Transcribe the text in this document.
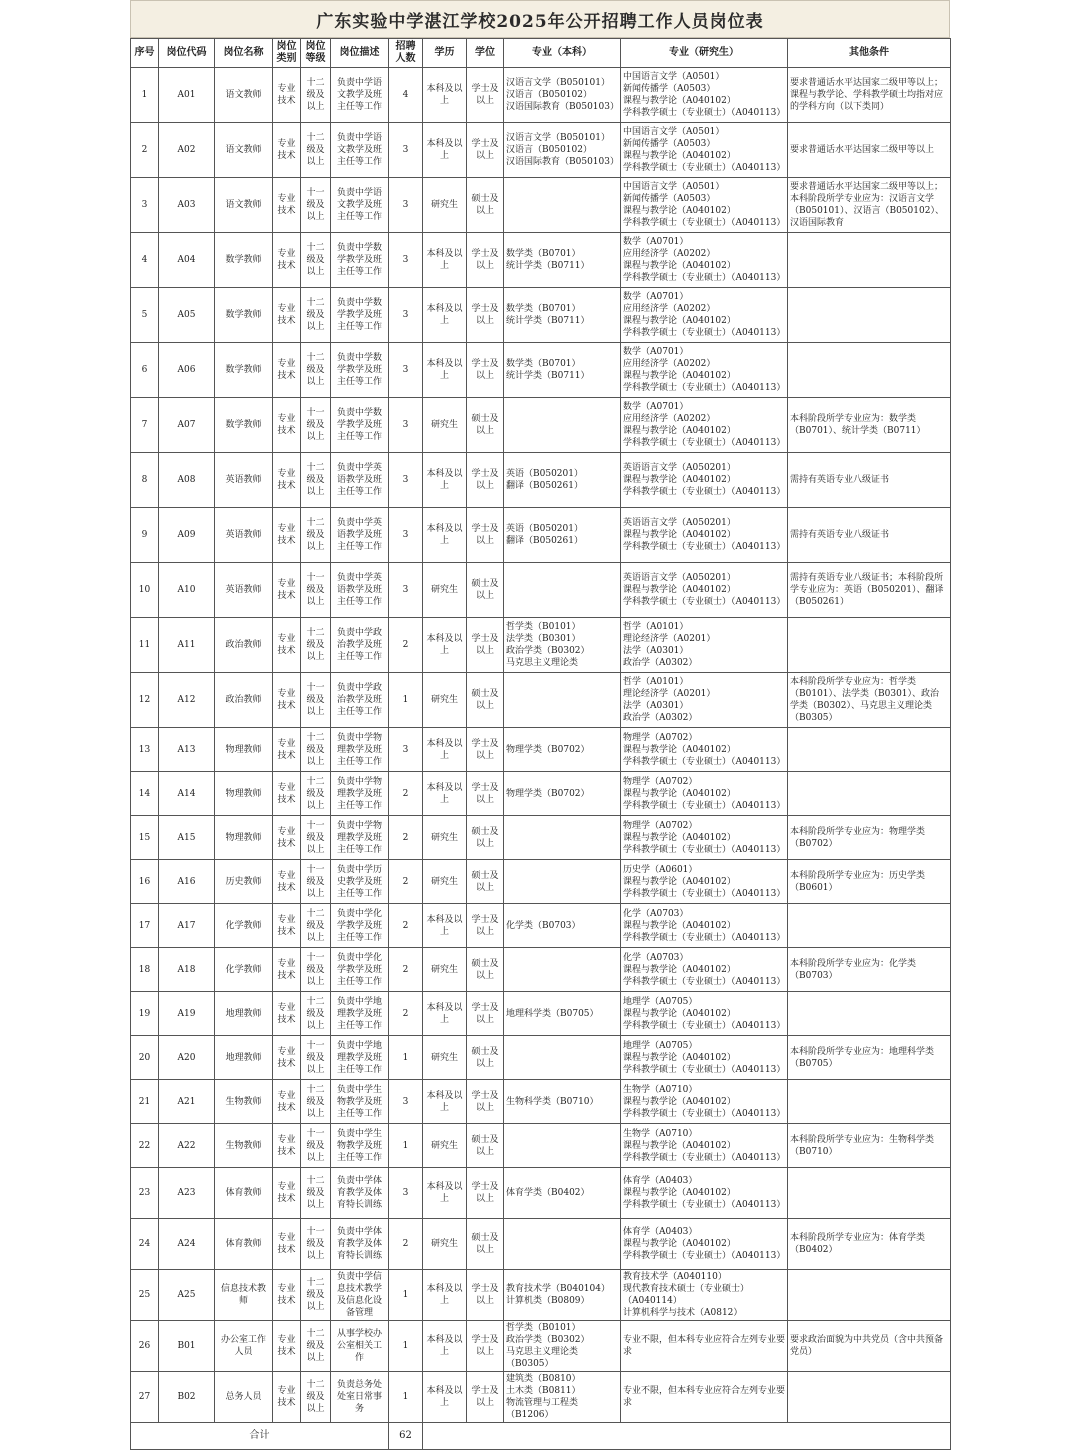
广东实验中学湛江学校2025年公开招聘工作人员岗位表
序号	岗位代码	岗位名称	岗位类别	岗位等级	岗位描述	招聘人数	学历	学位	专业（本科）	专业（研究生）	其他条件
1	A01	语文教师	专业技术	十二级及以上	负责中学语文教学及班主任等工作	4	本科及以上	学士及以上	汉语言文学（B050101）
汉语言（B050102）
汉语国际教育（B050103）	中国语言文学（A0501）
新闻传播学（A0503）
课程与教学论（A040102）
学科教学硕士（专业硕士）（A040113）	要求普通话水平达国家二级甲等以上；课程与教学论、学科教学硕士均指对应的学科方向（以下类同）
2	A02	语文教师	专业技术	十二级及以上	负责中学语文教学及班主任等工作	3	本科及以上	学士及以上	汉语言文学（B050101）
汉语言（B050102）
汉语国际教育（B050103）	中国语言文学（A0501）
新闻传播学（A0503）
课程与教学论（A040102）
学科教学硕士（专业硕士）（A040113）	要求普通话水平达国家二级甲等以上
3	A03	语文教师	专业技术	十一级及以上	负责中学语文教学及班主任等工作	3	研究生	硕士及以上		中国语言文学（A0501）
新闻传播学（A0503）
课程与教学论（A040102）
学科教学硕士（专业硕士）（A040113）	要求普通话水平达国家二级甲等以上；本科阶段所学专业应为：汉语言文学（B050101）、汉语言（B050102）、汉语国际教育
4	A04	数学教师	专业技术	十二级及以上	负责中学数学教学及班主任等工作	3	本科及以上	学士及以上	数学类（B0701）
统计学类（B0711）	数学（A0701）
应用经济学（A0202）
课程与教学论（A040102）
学科教学硕士（专业硕士）（A040113）	
5	A05	数学教师	专业技术	十二级及以上	负责中学数学教学及班主任等工作	3	本科及以上	学士及以上	数学类（B0701）
统计学类（B0711）	数学（A0701）
应用经济学（A0202）
课程与教学论（A040102）
学科教学硕士（专业硕士）（A040113）	
6	A06	数学教师	专业技术	十二级及以上	负责中学数学教学及班主任等工作	3	本科及以上	学士及以上	数学类（B0701）
统计学类（B0711）	数学（A0701）
应用经济学（A0202）
课程与教学论（A040102）
学科教学硕士（专业硕士）（A040113）	
7	A07	数学教师	专业技术	十一级及以上	负责中学数学教学及班主任等工作	3	研究生	硕士及以上		数学（A0701）
应用经济学（A0202）
课程与教学论（A040102）
学科教学硕士（专业硕士）（A040113）	本科阶段所学专业应为：数学类（B0701）、统计学类（B0711）
8	A08	英语教师	专业技术	十二级及以上	负责中学英语教学及班主任等工作	3	本科及以上	学士及以上	英语（B050201）
翻译（B050261）	英语语言文学（A050201）
课程与教学论（A040102）
学科教学硕士（专业硕士）（A040113）	需持有英语专业八级证书
9	A09	英语教师	专业技术	十二级及以上	负责中学英语教学及班主任等工作	3	本科及以上	学士及以上	英语（B050201）
翻译（B050261）	英语语言文学（A050201）
课程与教学论（A040102）
学科教学硕士（专业硕士）（A040113）	需持有英语专业八级证书
10	A10	英语教师	专业技术	十一级及以上	负责中学英语教学及班主任等工作	3	研究生	硕士及以上		英语语言文学（A050201）
课程与教学论（A040102）
学科教学硕士（专业硕士）（A040113）	需持有英语专业八级证书；本科阶段所学专业应为：英语（B050201）、翻译（B050261）
11	A11	政治教师	专业技术	十二级及以上	负责中学政治教学及班主任等工作	2	本科及以上	学士及以上	哲学类（B0101）
法学类（B0301）
政治学类（B0302）
马克思主义理论类	哲学（A0101）
理论经济学（A0201）
法学（A0301）
政治学（A0302）	
12	A12	政治教师	专业技术	十一级及以上	负责中学政治教学及班主任等工作	1	研究生	硕士及以上		哲学（A0101）
理论经济学（A0201）
法学（A0301）
政治学（A0302）	本科阶段所学专业应为：哲学类（B0101）、法学类（B0301）、政治学类（B0302）、马克思主义理论类（B0305）
13	A13	物理教师	专业技术	十二级及以上	负责中学物理教学及班主任等工作	3	本科及以上	学士及以上	物理学类（B0702）	物理学（A0702）
课程与教学论（A040102）
学科教学硕士（专业硕士）（A040113）	
14	A14	物理教师	专业技术	十二级及以上	负责中学物理教学及班主任等工作	2	本科及以上	学士及以上	物理学类（B0702）	物理学（A0702）
课程与教学论（A040102）
学科教学硕士（专业硕士）（A040113）	
15	A15	物理教师	专业技术	十一级及以上	负责中学物理教学及班主任等工作	2	研究生	硕士及以上		物理学（A0702）
课程与教学论（A040102）
学科教学硕士（专业硕士）（A040113）	本科阶段所学专业应为：物理学类（B0702）
16	A16	历史教师	专业技术	十一级及以上	负责中学历史教学及班主任等工作	2	研究生	硕士及以上		历史学（A0601）
课程与教学论（A040102）
学科教学硕士（专业硕士）（A040113）	本科阶段所学专业应为：历史学类（B0601）
17	A17	化学教师	专业技术	十二级及以上	负责中学化学教学及班主任等工作	2	本科及以上	学士及以上	化学类（B0703）	化学（A0703）
课程与教学论（A040102）
学科教学硕士（专业硕士）（A040113）	
18	A18	化学教师	专业技术	十一级及以上	负责中学化学教学及班主任等工作	2	研究生	硕士及以上		化学（A0703）
课程与教学论（A040102）
学科教学硕士（专业硕士）（A040113）	本科阶段所学专业应为：化学类（B0703）
19	A19	地理教师	专业技术	十二级及以上	负责中学地理教学及班主任等工作	2	本科及以上	学士及以上	地理科学类（B0705）	地理学（A0705）
课程与教学论（A040102）
学科教学硕士（专业硕士）（A040113）	
20	A20	地理教师	专业技术	十一级及以上	负责中学地理教学及班主任等工作	1	研究生	硕士及以上		地理学（A0705）
课程与教学论（A040102）
学科教学硕士（专业硕士）（A040113）	本科阶段所学专业应为：地理科学类（B0705）
21	A21	生物教师	专业技术	十二级及以上	负责中学生物教学及班主任等工作	3	本科及以上	学士及以上	生物科学类（B0710）	生物学（A0710）
课程与教学论（A040102）
学科教学硕士（专业硕士）（A040113）	
22	A22	生物教师	专业技术	十一级及以上	负责中学生物教学及班主任等工作	1	研究生	硕士及以上		生物学（A0710）
课程与教学论（A040102）
学科教学硕士（专业硕士）（A040113）	本科阶段所学专业应为：生物科学类（B0710）
23	A23	体育教师	专业技术	十二级及以上	负责中学体育教学及体育特长训练	3	本科及以上	学士及以上	体育学类（B0402）	体育学（A0403）
课程与教学论（A040102）
学科教学硕士（专业硕士）（A040113）	
24	A24	体育教师	专业技术	十一级及以上	负责中学体育教学及体育特长训练	2	研究生	硕士及以上		体育学（A0403）
课程与教学论（A040102）
学科教学硕士（专业硕士）（A040113）	本科阶段所学专业应为：体育学类（B0402）
25	A25	信息技术教师	专业技术	十二级及以上	负责中学信息技术教学及信息化设备管理	1	本科及以上	学士及以上	教育技术学（B040104）
计算机类（B0809）	教育技术学（A040110）
现代教育技术硕士（专业硕士）（A040114）
计算机科学与技术（A0812）	
26	B01	办公室工作人员	专业技术	十二级及以上	从事学校办公室相关工作	1	本科及以上	学士及以上	哲学类（B0101）
政治学类（B0302）
马克思主义理论类（B0305）	专业不限，但本科专业应符合左列专业要求	要求政治面貌为中共党员（含中共预备党员）
27	B02	总务人员	专业技术	十二级及以上	负责总务处处室日常事务	1	本科及以上	学士及以上	建筑类（B0810）
土木类（B0811）
物流管理与工程类（B1206）	专业不限，但本科专业应符合左列专业要求	
合计						62					
